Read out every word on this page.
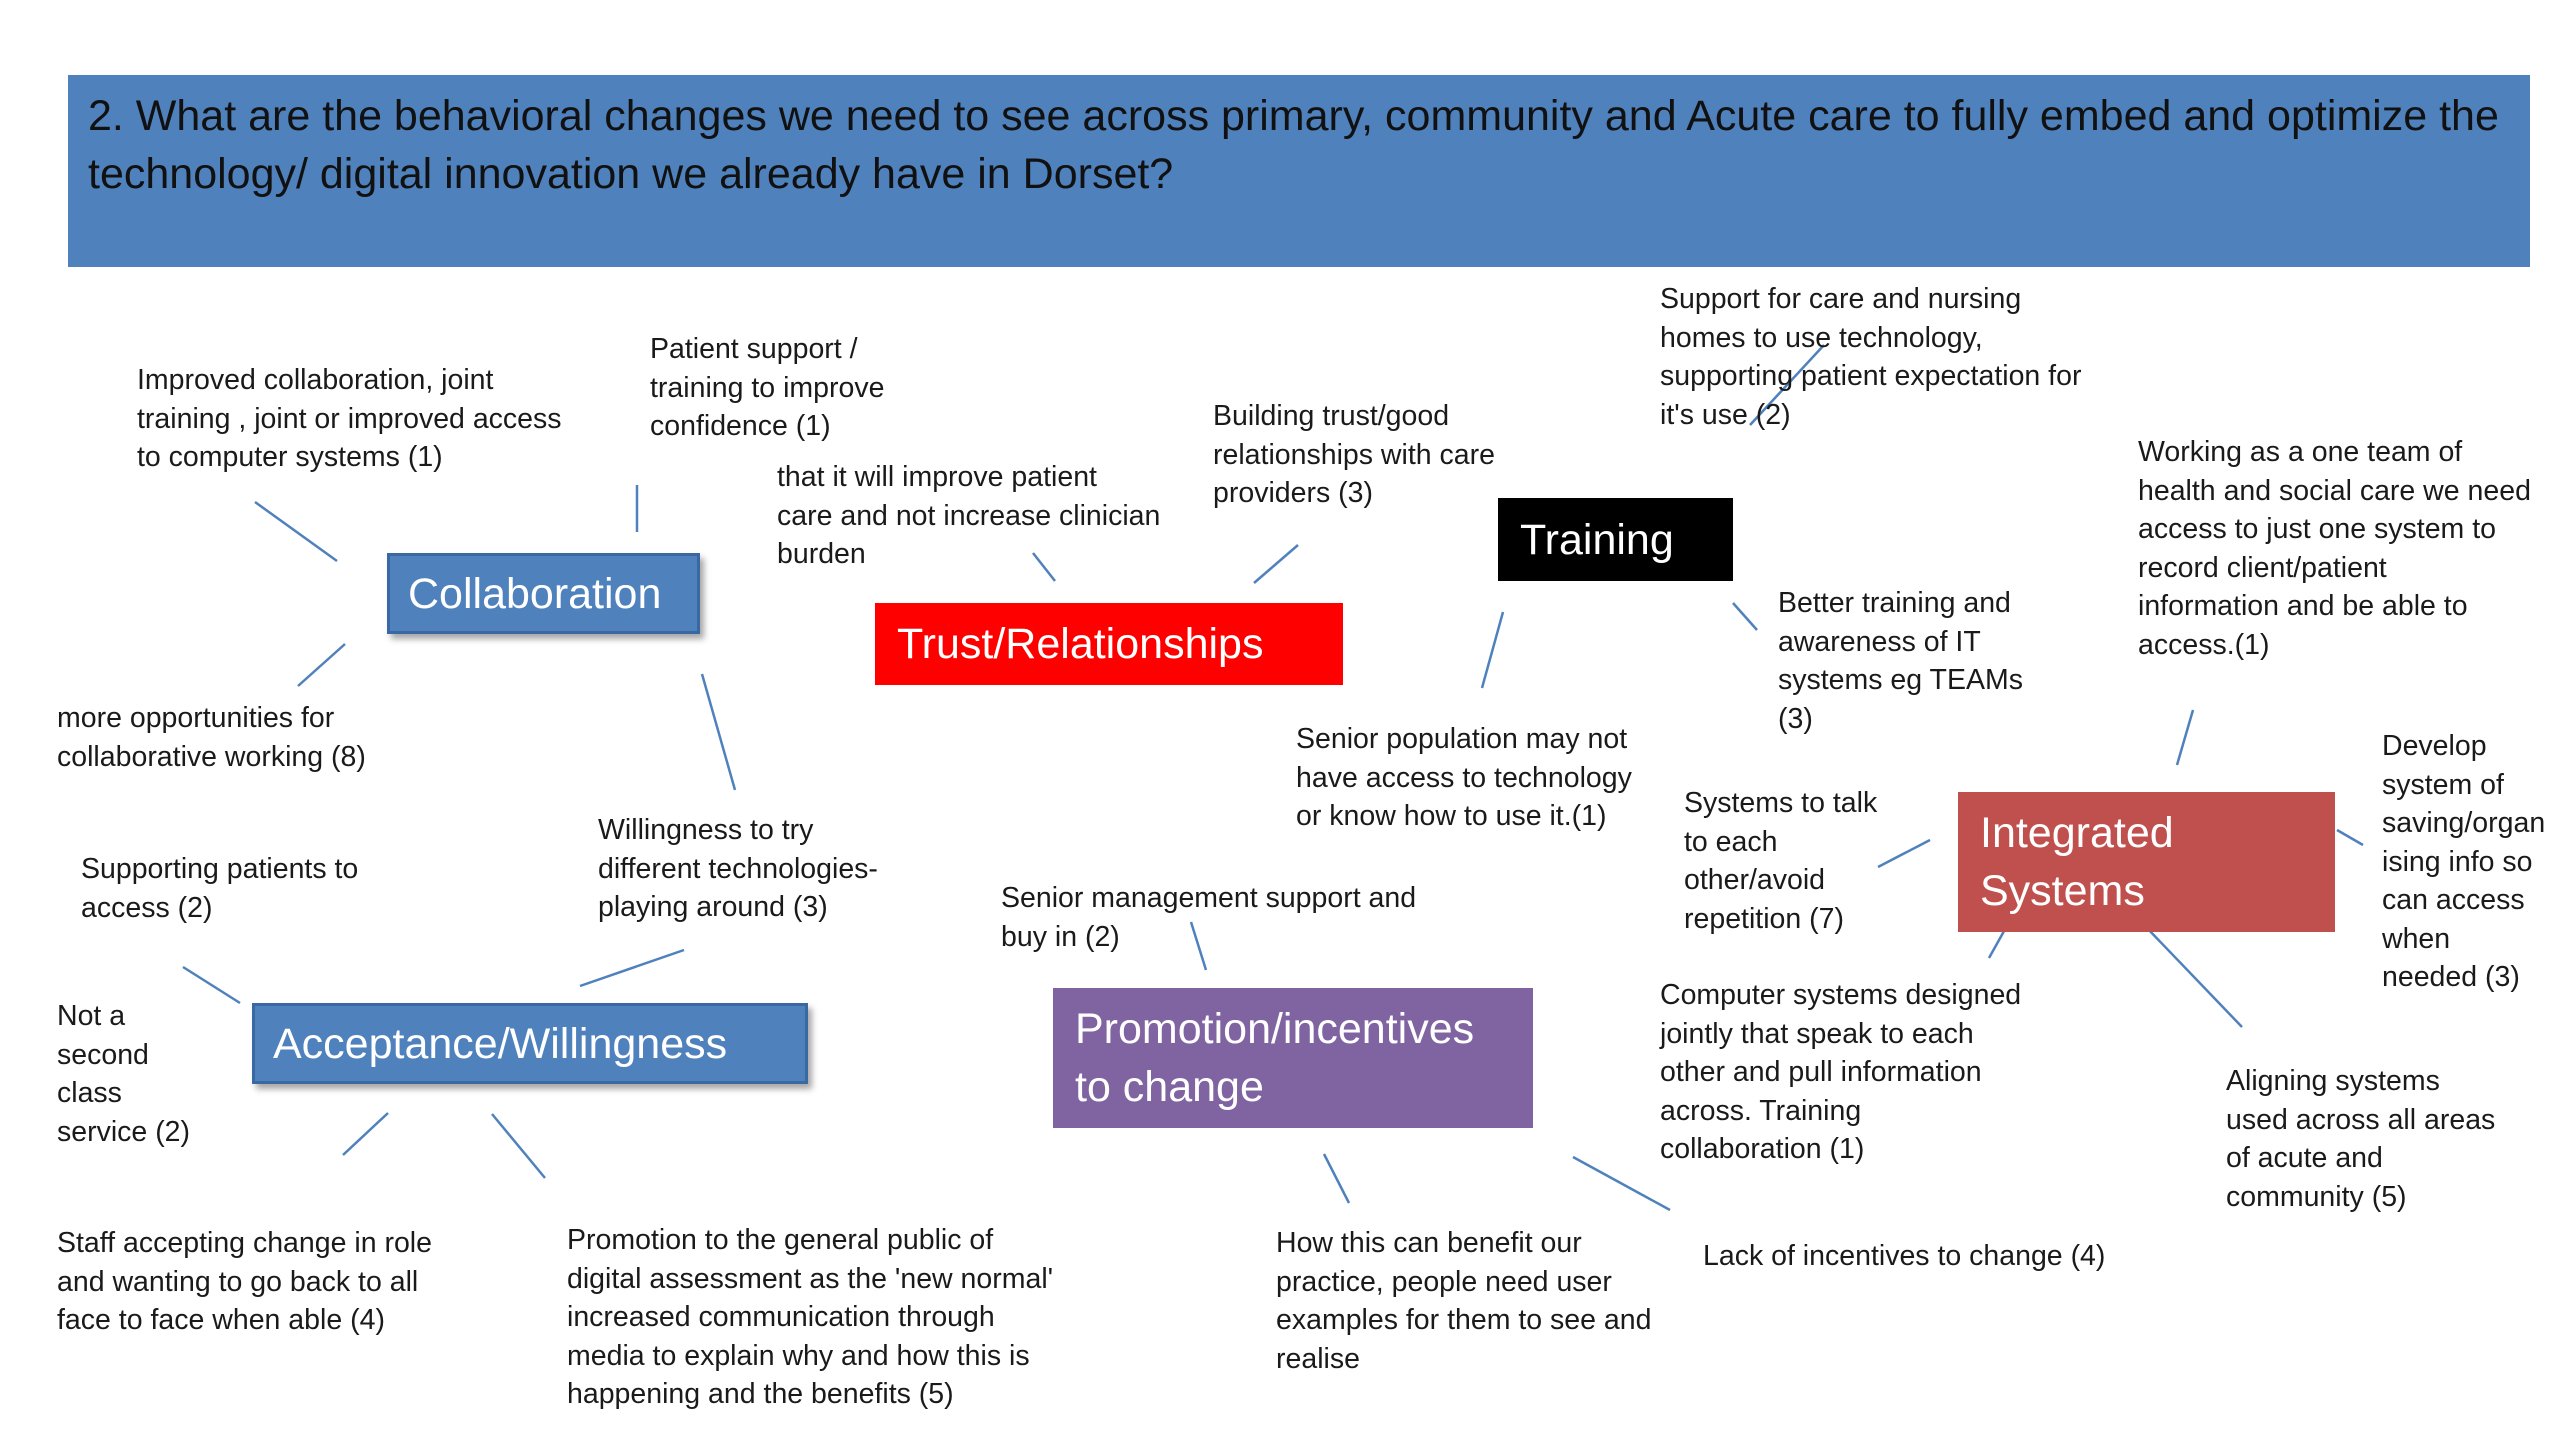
2. What are the behavioral changes we need to see across primary, community and Acute care to fully embed and optimize the technology/ digital innovation we already have in Dorset?
Collaboration
Trust/Relationships
Training
Integrated Systems
Acceptance/Willingness	Promotion/incentives to change
Improved collaboration, joint
training , joint or improved access
to computer systems (1)
Patient support /
training to improve
confidence (1)
more opportunities for
collaborative working (8)
that it will improve patient
care and not increase clinician
burden
Building trust/good
relationships with care
providers (3)
Support for care and nursing
homes to use technology,
supporting patient expectation for
it's use (2)
Better training and
awareness of IT
systems eg TEAMs
(3)
Senior population may not
have access to technology
or know how to use it.(1)
Working as a one team of
health and social care we need
access to just one system to
record client/patient
information and be able to
access.(1)
Develop
system of
saving/organ
ising info so
can access
when
needed (3)
Systems to talk
to each
other/avoid
repetition (7)
Computer systems designed
jointly that speak to each
other and pull information
across. Training
collaboration (1)
Aligning systems
used across all areas
of acute and
community (5)
Supporting patients to
access (2)
Willingness to try
different technologies-
playing around (3)
Not a
second
class
service (2)
Staff accepting change in role
and wanting to go back to all
face to face when able (4)
Promotion to the general public of
digital assessment as the 'new normal'
increased communication through
media to explain why and how this is
happening and the benefits (5)
Senior management support and
buy in (2)
How this can benefit our
practice, people need user
examples for them to see and
realise
Lack of incentives to change (4)
